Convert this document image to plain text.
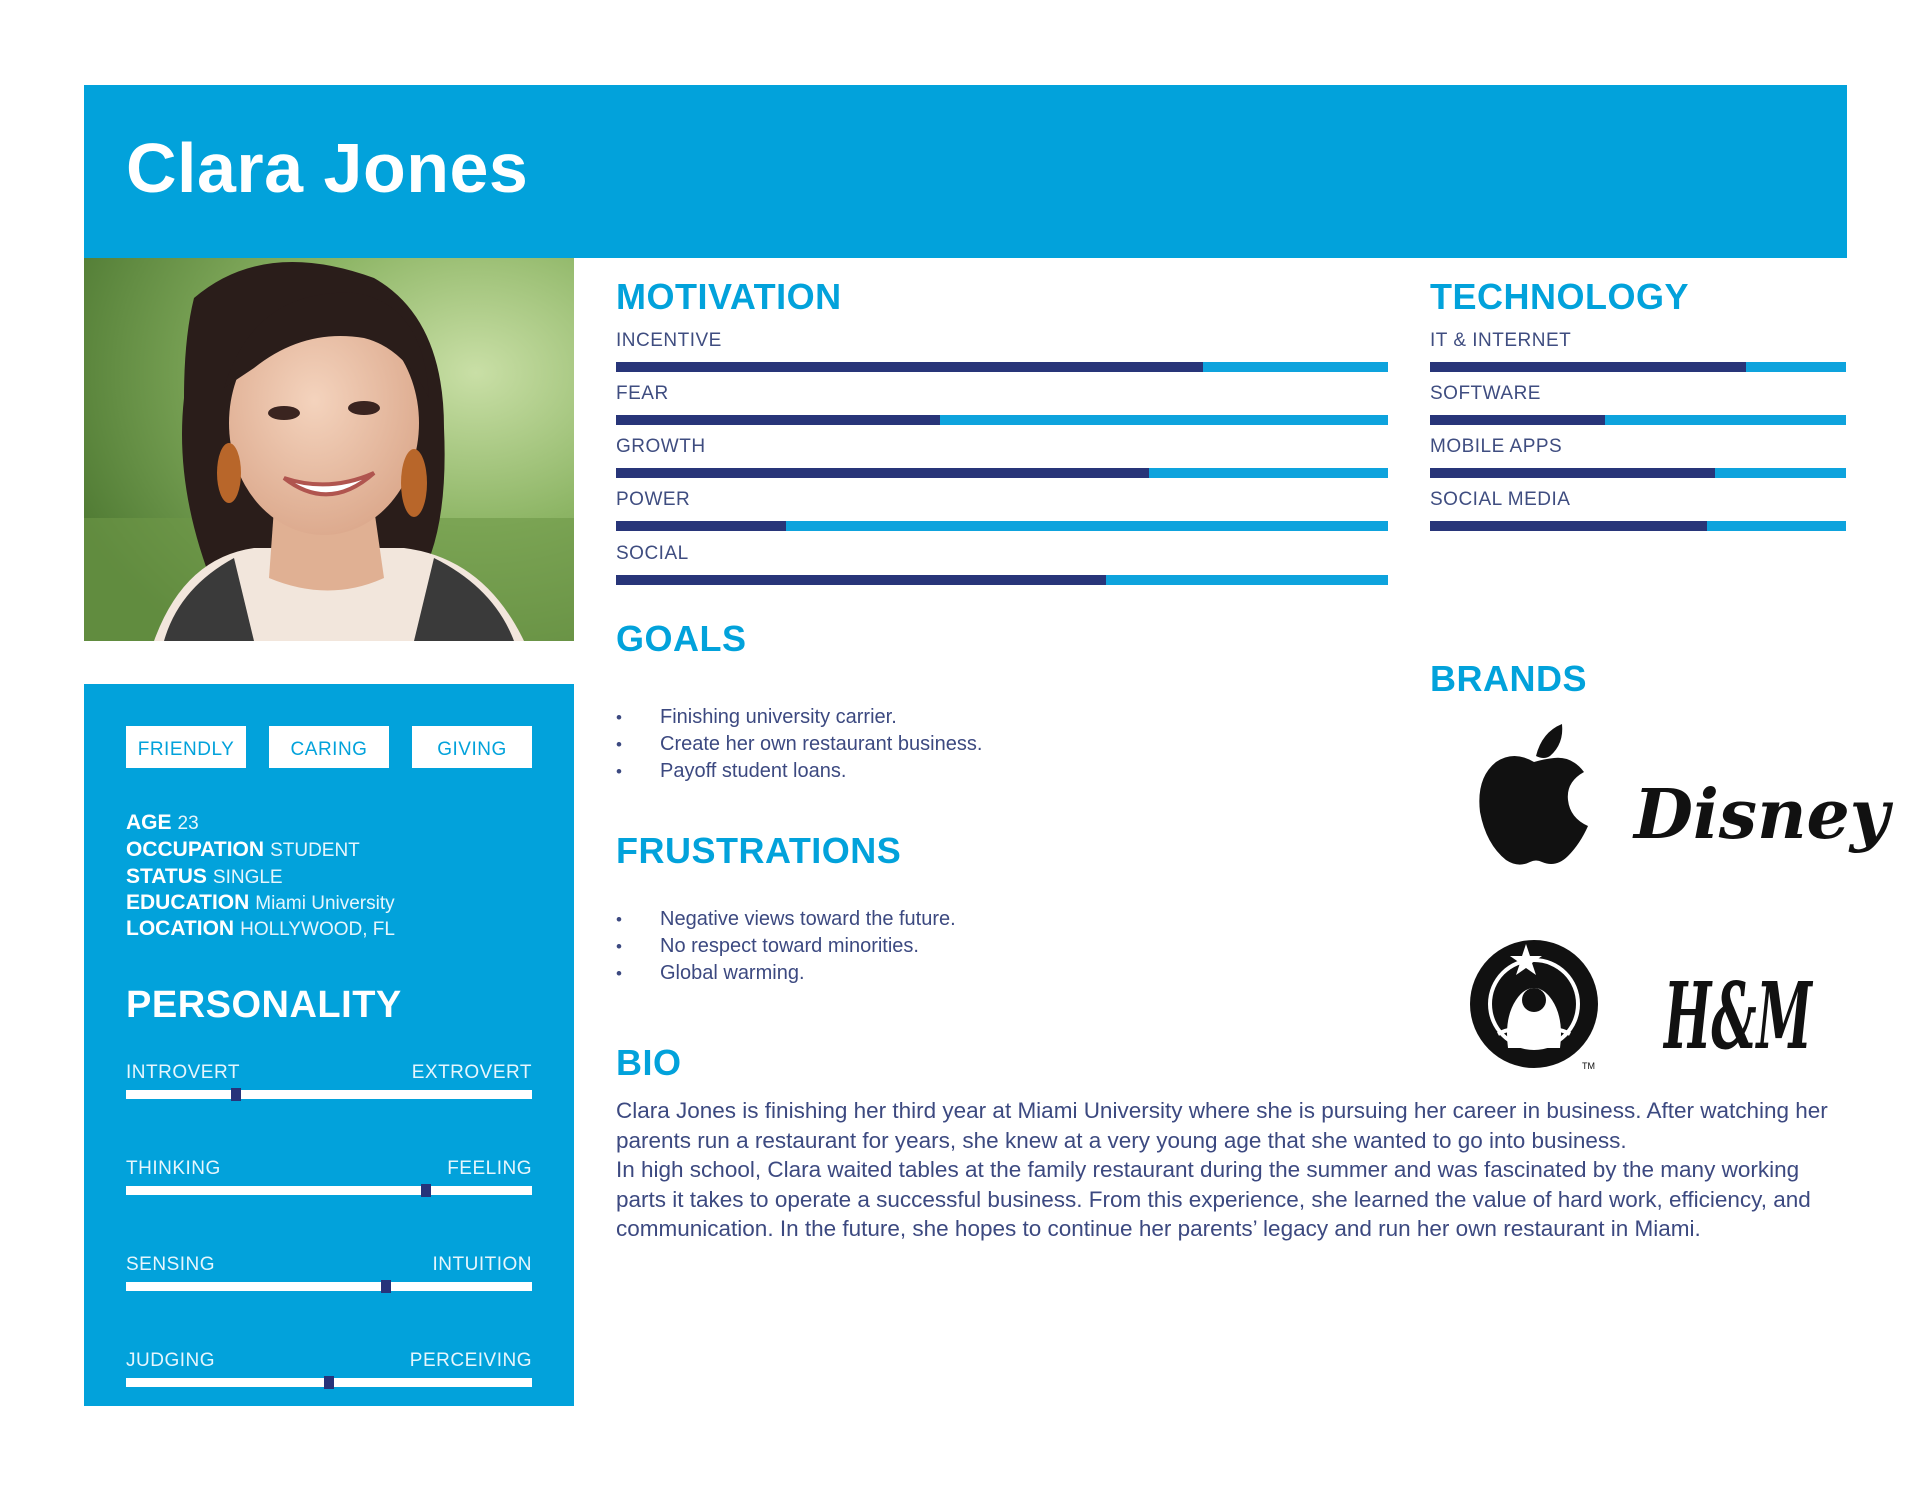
Clara Jones
FRIENDLY	CARING	GIVING
AGE 23
OCCUPATION STUDENT
STATUS SINGLE
EDUCATION Miami University
LOCATION HOLLYWOOD, FL
PERSONALITY
INTROVERT	EXTROVERT
THINKING	FEELING
SENSING	INTUITION
JUDGING	PERCEIVING
MOTIVATION
INCENTIVE
FEAR
GROWTH
POWER
SOCIAL
TECHNOLOGY
IT & INTERNET
SOFTWARE
MOBILE APPS
SOCIAL MEDIA
GOALS
• Finishing university carrier.
• Create her own restaurant business.
• Payoff student loans.
FRUSTRATIONS
• Negative views toward the future.
• No respect toward minorities.
• Global warming.
BIO

Clara Jones is finishing her third year at Miami University where she is pursuing her career in business. After watching her parents run a restaurant for years, she knew at a very young age that she wanted to go into business.

In high school, Clara waited tables at the family restaurant during the summer and was fascinated by the many working parts it takes to operate a successful business. From this experience, she learned the value of hard work, efficiency, and communication. In the future, she hopes to continue her parents’ legacy and run her own restaurant in Miami.

BRANDS
Disney
TM H&M
